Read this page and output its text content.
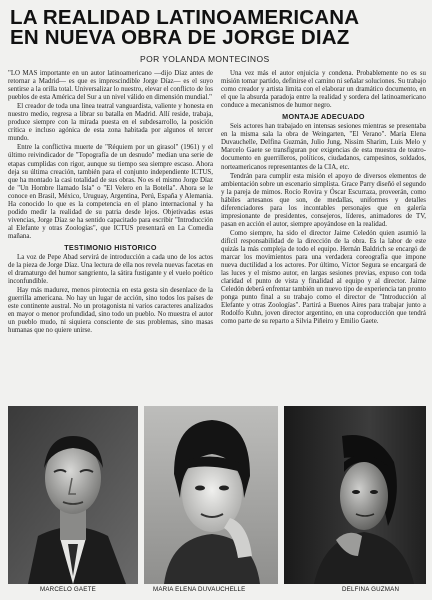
LA REALIDAD LATINOAMERICANA
EN NUEVA OBRA DE JORGE DIAZ
POR YOLANDA MONTECINOS

"LO MAS importante en un autor latinoamericano —dijo Díaz antes de retornar a Madrid— es que es imprescindible Jorge Díaz— es el suyo sentirse a la orilla total. Universalizar lo nuestro, elevar el conflicto de los pueblos de esta América del Sur a un nivel válido en dimensión mundial."

El creador de toda una línea teatral vanguardista, valiente y honesta en nuestro medio, regresa a librar su batalla en Madrid. Allí reside, trabaja, produce siempre con la mirada puesta en el subdesarrollo, la posición crítica e incluso agónica de esta zona habitada por algunos el tercer mundo.

Entre la conflictiva muerte de "Réquiem por un girasol" (1961) y el último reivindicador de "Topografía de un desnudo" median una serie de etapas cumplidas con rigor, aunque su tiempo sea siempre escaso. Ahora deja su última creación, también para el conjunto independiente ICTUS, que ha montado la casi totalidad de sus obras. No es el mismo Jorge Díaz de "Un Hombre llamado Isla" o "El Velero en la Botella". Ahora se le conoce en Brasil, México, Uruguay, Argentina, Perú, España y Alemania. Ha conocido lo que es la competencia en el plano internacional y ha podido medir la realidad de su patria desde lejos. Objetivadas estas vivencias, Jorge Díaz se ha sentido capacitado para escribir "Introducción al Elefante y otras Zoologías", que ICTUS presentará en La Comedia mañana.

TESTIMONIO HISTORICO

La voz de Pepe Abad servirá de introducción a cada uno de los actos de la pieza de Jorge Díaz. Una lectura de ella nos revela nuevas facetas en el dramaturgo del humor sangriento, la sátira fustigante y el vuelo poético inconfundible.

Hay más madurez, menos pirotecnia en esta gesta sin desenlace de la guerrilla americana. No hay un lugar de acción, sino todos los países de este continente austral. No un protagonista ni varios caracteres analizados en mayor o menor profundidad, sino todo un pueblo. No muestra el autor un pueblo mudo, ni siquiera consciente de sus problemas, sino masas humanas que no quiere unirse.

Una vez más el autor enjuicia y condena. Probablemente no es su misión tomar partido, definirse el camino ni señalar soluciones. Su trabajo como creador y artista limita con el elaborar un dramático documento, en el que la absurda paradoja entre la realidad y sordera del latinoamericano conduce a mecanismos de humor negro.

MONTAJE ADECUADO

Seis actores han trabajado en intensas sesiones mientras se presentaba en la misma sala la obra de Weingarten, "El Verano". María Elena Duvauchelle, Delfina Guzmán, Julio Jung, Nissim Sharim, Luis Melo y Marcelo Gaete se transfiguran por exigencias de esta muestra de teatro-documento en guerrilleros, políticos, ciudadanos, campesinos, soldados, norteamericanos representantes de la CIA, etc.

Tendrán para cumplir esta misión el apoyo de diversos elementos de ambientación sobre un escenario simplista. Grace Parry diseñó el segundo y la pareja de mimos. Rocío Rovira y Óscar Escurraza, proveerán, como hábiles artesanos que son, de medallas, uniformes y detalles diferenciadores para los incontables personajes que en galería impresionante de presidentes, consejeros, líderes, animadores de TV, pasan en acción el autor, siempre apoyándose en la realidad.

Como siempre, ha sido el director Jaime Celedón quien asumió la difícil responsabilidad de la dirección de la obra. Es la labor de este quizás la más compleja de todo el equipo. Hernán Baldrich se encargó de marcar los movimientos para una verdadera coreografía que impone nueva ductilidad a los actores. Por último, Víctor Segura se encargará de las luces y el mismo autor, en largas sesiones previas, expuso con toda claridad el punto de vista y finalidad al equipo y al director. Jaime Celedón deberá enfrentar también un nuevo tipo de experiencia tan pronto ponga punto final a su trabajo como el director de "Introducción al Elefante y otras Zoologías". Partirá a Buenos Aires para trabajar junto a Rodolfo Kuhn, joven director argentino, en una coproducción que tendrá como parte de su reparto a Silvia Piñeiro y Emilio Gaete.

MARCELO GAETE	MARIA ELENA DUVAUCHELLE	DELFINA GUZMAN
